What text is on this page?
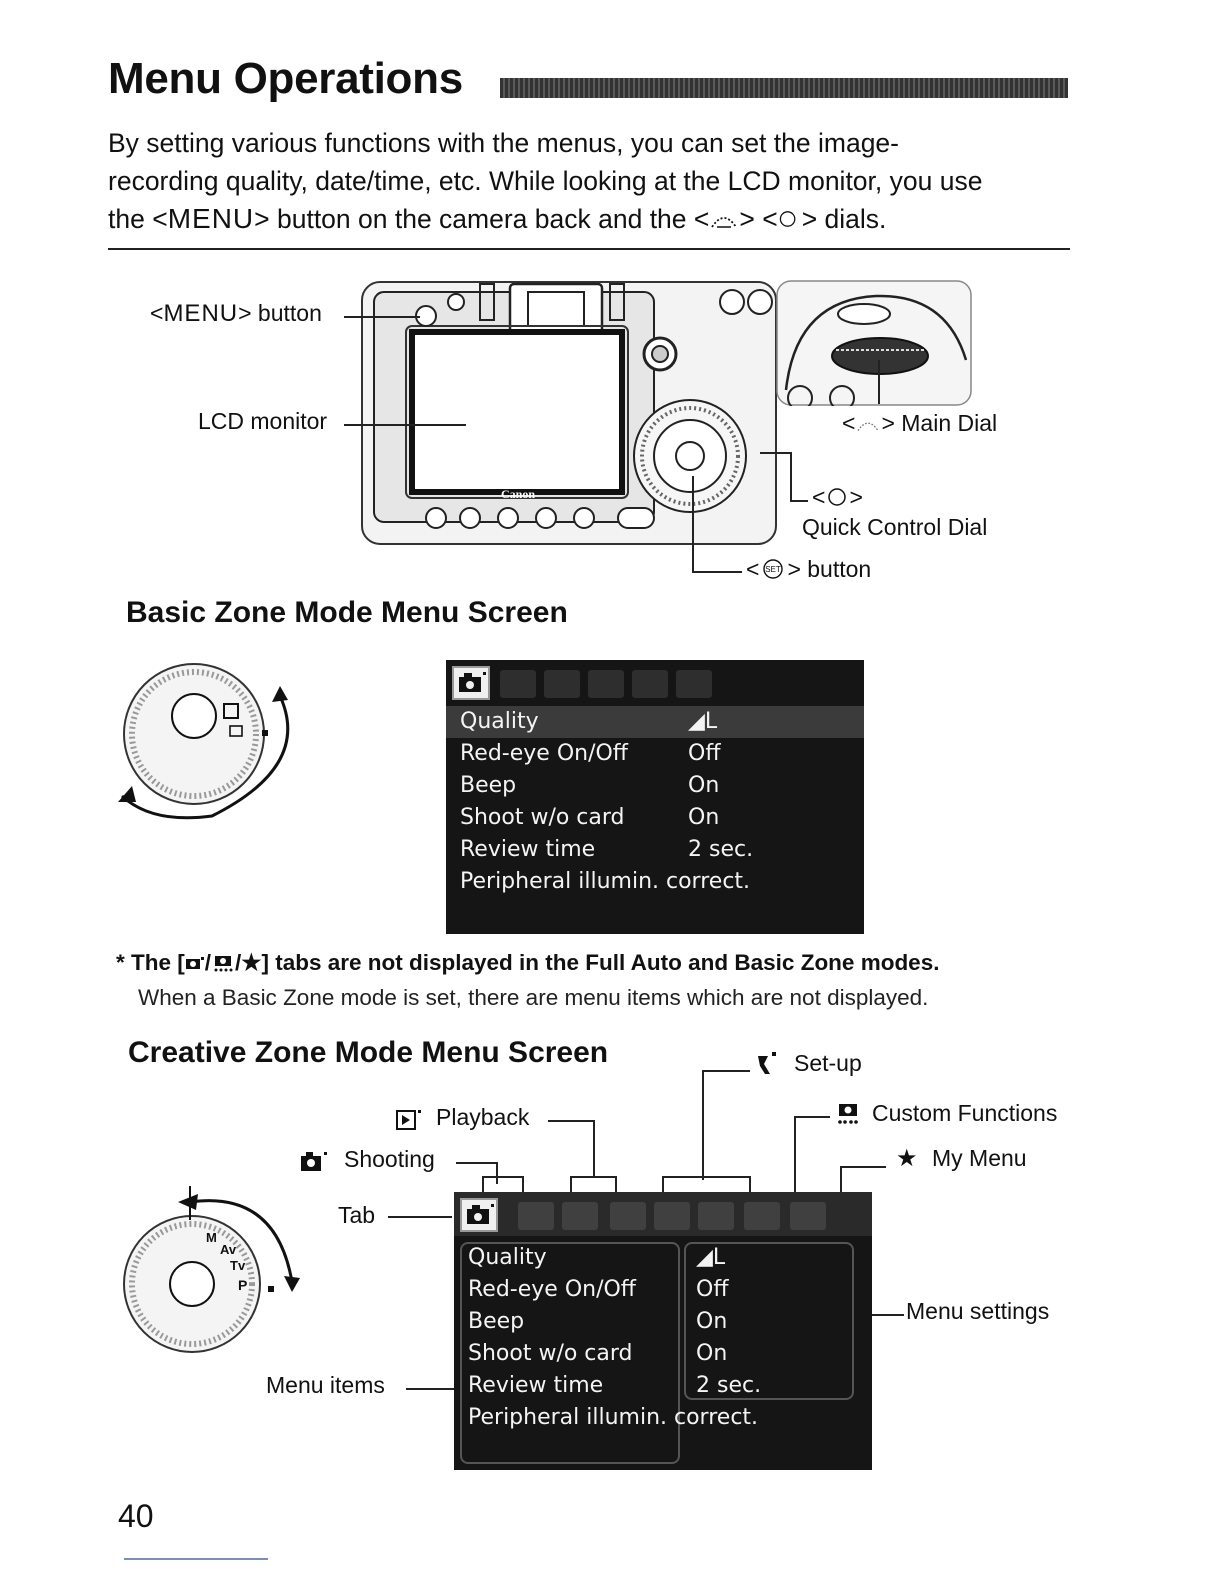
Menu Operations
By setting various functions with the menus, you can set the image-
recording quality, date/time, etc. While looking at the LCD monitor, you use
the <MENU> button on the camera back and the < > < > dials.
Canon
<MENU> button
LCD monitor	< > Main Dial
< >
Quick Control Dial
< SET > button
Basic Zone Mode Menu Screen
Quality	◢L
Red-eye On/Off	Off
Beep	On
Shoot w/o card	On
Review time	2 sec.
Peripheral illumin. correct.
* The [ / /★] tabs are not displayed in the Full Auto and Basic Zone modes.
When a Basic Zone mode is set, there are menu items which are not displayed.
Creative Zone Mode Menu Screen	Set-up
Playback
Shooting
Custom Functions
★ My Menu
Tab
Menu settings
Menu items
P
Tv
Av
M
Quality	◢L
Red-eye On/Off	Off
Beep	On
Shoot w/o card	On
Review time	2 sec.
Peripheral illumin. correct.
40
